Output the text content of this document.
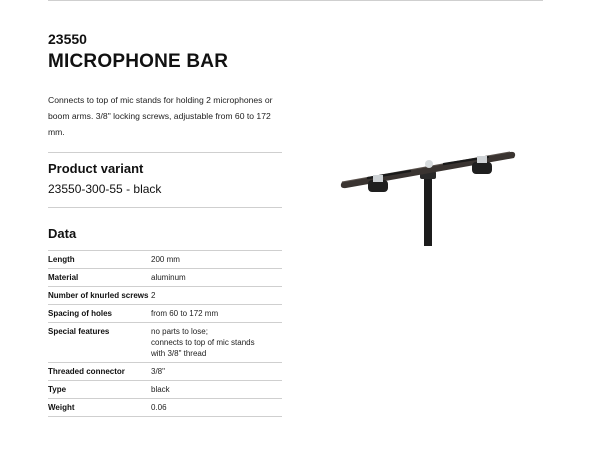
23550
MICROPHONE BAR

Connects to top of mic stands for holding 2 microphones or boom arms. 3/8" locking screws, adjustable from 60 to 172 mm.

Product variant
23550-300-55 - black
Data
Length	200 mm

Material	aluminum

Number of knurled screws	2

Spacing of holes	from 60 to 172 mm

Special features	no parts to lose;
connects to top of mic stands
with 3/8" thread

Threaded connector	3/8"

Type	black

Weight	0.06
